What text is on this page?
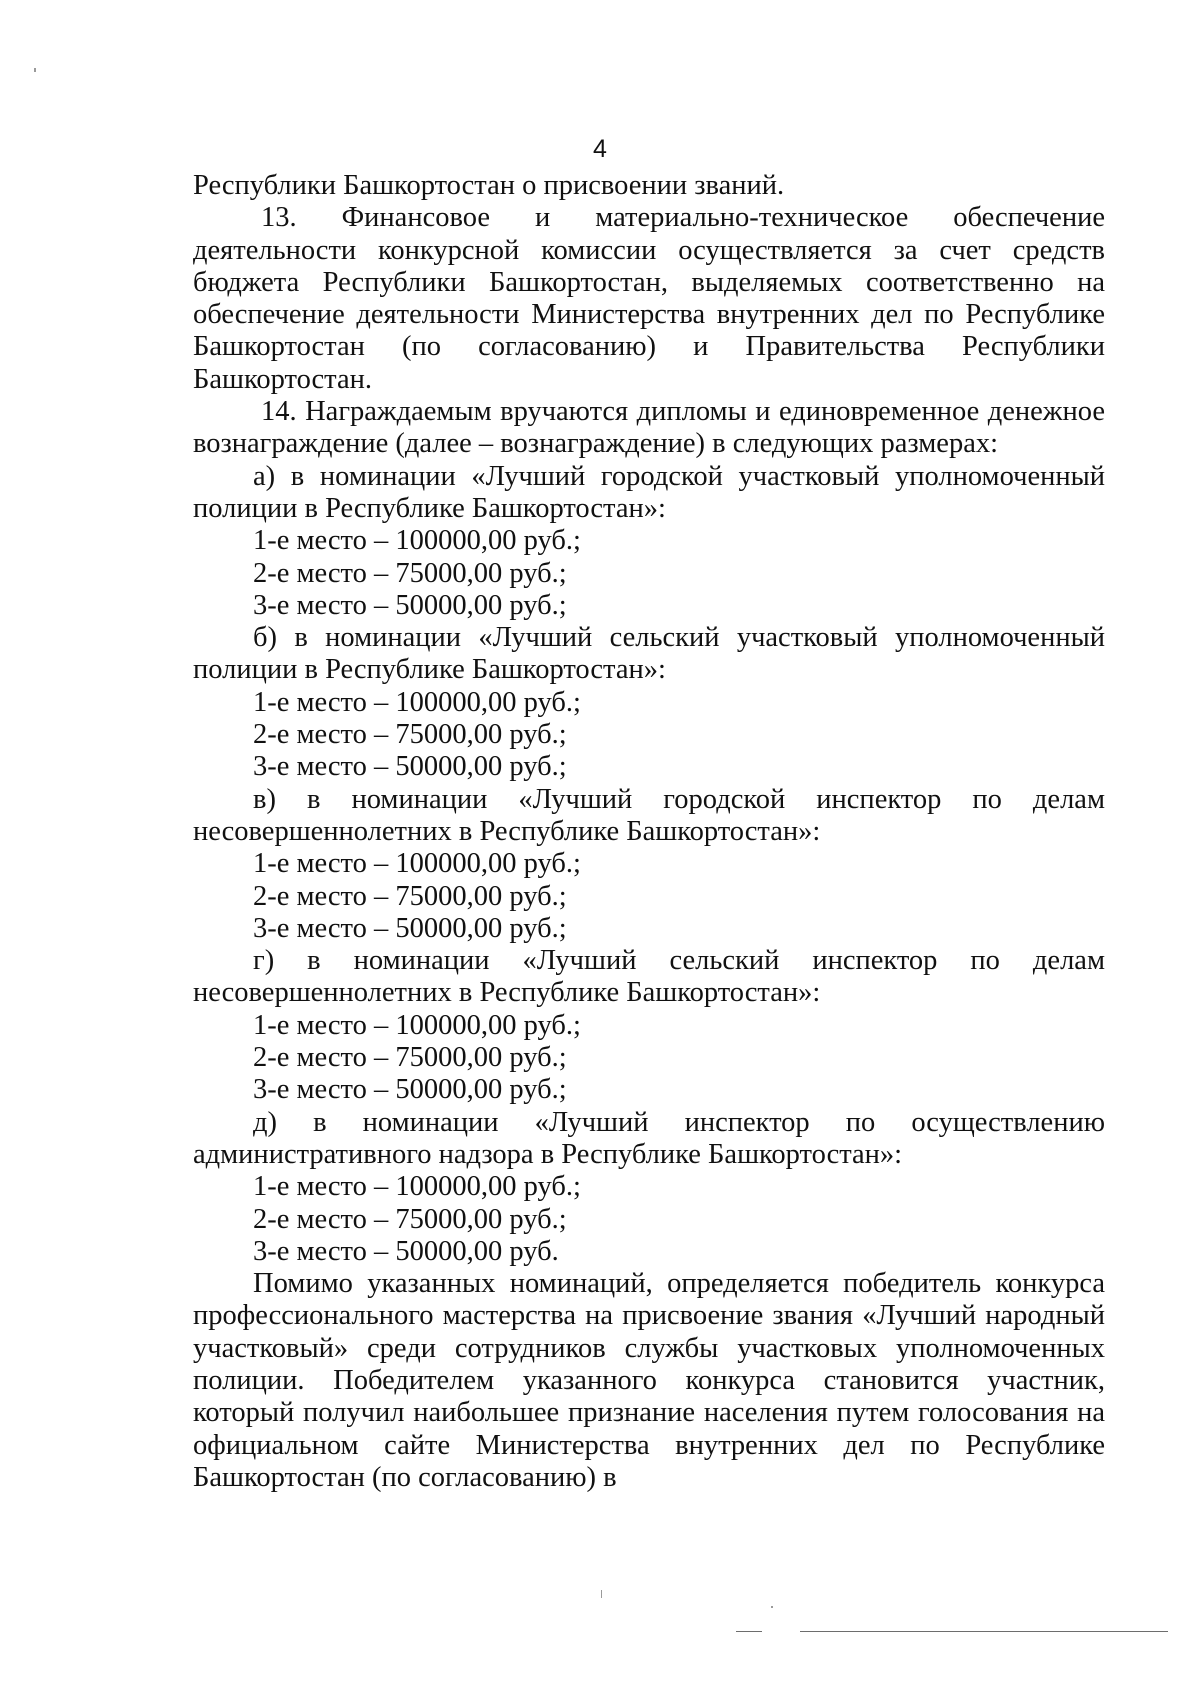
4

Республики Башкортостан о присвоении званий.

13. Финансовое и материально-техническое обеспечение деятельности конкурсной комиссии осуществляется за счет средств бюджета Республики Башкортостан, выделяемых соответственно на обеспечение деятельности Министерства внутренних дел по Республике Башкортостан (по согласованию) и Правительства Республики Башкортостан.

14. Награждаемым вручаются дипломы и единовременное денежное вознаграждение (далее – вознаграждение) в следующих размерах:

а) в номинации «Лучший городской участковый уполномоченный полиции в Республике Башкортостан»:

1-е место – 100000,00 руб.;

2-е место – 75000,00 руб.;

3-е место – 50000,00 руб.;

б) в номинации «Лучший сельский участковый уполномоченный полиции в Республике Башкортостан»:

1-е место – 100000,00 руб.;

2-е место – 75000,00 руб.;

3-е место – 50000,00 руб.;

в) в номинации «Лучший городской инспектор по делам несовершеннолетних в Республике Башкортостан»:

1-е место – 100000,00 руб.;

2-е место – 75000,00 руб.;

3-е место – 50000,00 руб.;

г) в номинации «Лучший сельский инспектор по делам несовершеннолетних в Республике Башкортостан»:

1-е место – 100000,00 руб.;

2-е место – 75000,00 руб.;

3-е место – 50000,00 руб.;

д) в номинации «Лучший инспектор по осуществлению административного надзора в Республике Башкортостан»:

1-е место – 100000,00 руб.;

2-е место – 75000,00 руб.;

3-е место – 50000,00 руб.

Помимо указанных номинаций, определяется победитель конкурса профессионального мастерства на присвоение звания «Лучший народный участковый» среди сотрудников службы участковых уполномоченных полиции. Победителем указанного конкурса становится участник, который получил наибольшее признание населения путем голосования на официальном сайте Министерства внутренних дел по Республике Башкортостан (по согласованию) в
